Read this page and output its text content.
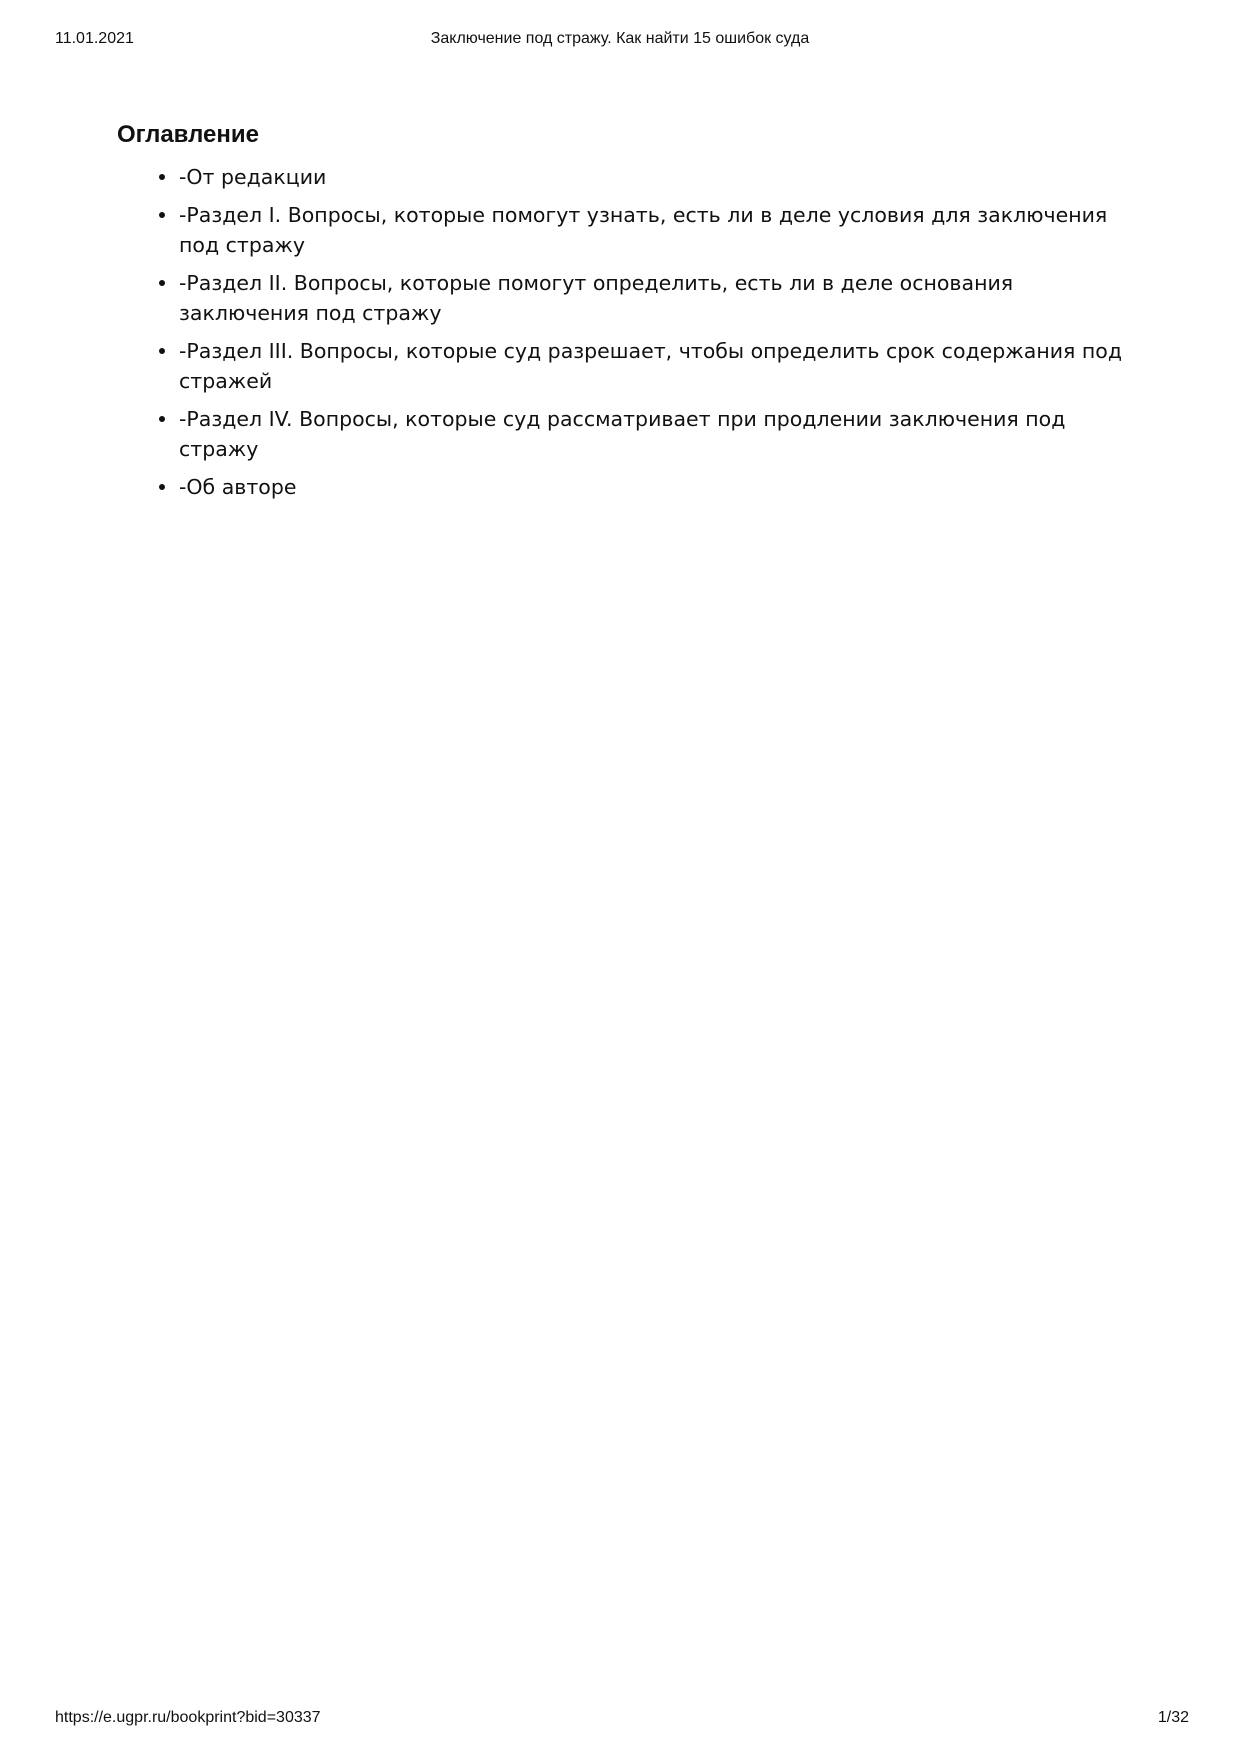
11.01.2021	Заключение под стражу. Как найти 15 ошибок суда
Оглавление
-От редакции
-Раздел I. Вопросы, которые помогут узнать, есть ли в деле условия для заключения под стражу
-Раздел II. Вопросы, которые помогут определить, есть ли в деле основания заключения под стражу
-Раздел III. Вопросы, которые суд разрешает, чтобы определить срок содержания под стражей
-Раздел IV. Вопросы, которые суд рассматривает при продлении заключения под стражу
-Об авторе
https://e.ugpr.ru/bookprint?bid=30337	1/32
